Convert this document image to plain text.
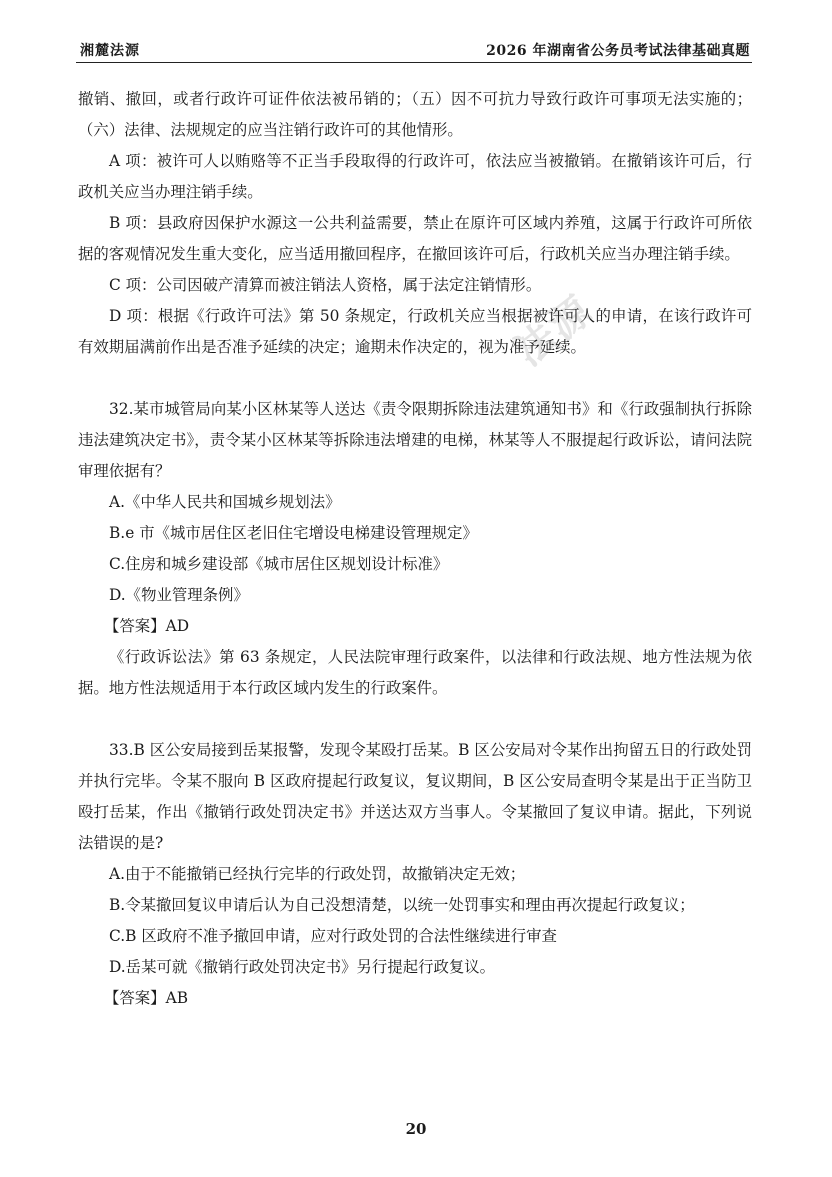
湘麓法源	2026 年湖南省公务员考试法律基础真题
法源

撤销、撤回，或者行政许可证件依法被吊销的；（五）因不可抗力导致行政许可事项无法实施的；（六）法律、法规规定的应当注销行政许可的其他情形。

A 项：被许可人以贿赂等不正当手段取得的行政许可，依法应当被撤销。在撤销该许可后，行政机关应当办理注销手续。

B 项：县政府因保护水源这一公共利益需要，禁止在原许可区域内养殖，这属于行政许可所依据的客观情况发生重大变化，应当适用撤回程序，在撤回该许可后，行政机关应当办理注销手续。

C 项：公司因破产清算而被注销法人资格，属于法定注销情形。

D 项：根据《行政许可法》第 50 条规定，行政机关应当根据被许可人的申请，在该行政许可有效期届满前作出是否准予延续的决定；逾期未作决定的，视为准予延续。

32.某市城管局向某小区林某等人送达《责令限期拆除违法建筑通知书》和《行政强制执行拆除违法建筑决定书》，责令某小区林某等拆除违法增建的电梯，林某等人不服提起行政诉讼，请问法院审理依据有？

A.《中华人民共和国城乡规划法》

B.e 市《城市居住区老旧住宅增设电梯建设管理规定》

C.住房和城乡建设部《城市居住区规划设计标准》

D.《物业管理条例》

【答案】AD

《行政诉讼法》第 63 条规定，人民法院审理行政案件，以法律和行政法规、地方性法规为依据。地方性法规适用于本行政区域内发生的行政案件。

33.B 区公安局接到岳某报警，发现令某殴打岳某。B 区公安局对令某作出拘留五日的行政处罚并执行完毕。令某不服向 B 区政府提起行政复议，复议期间，B 区公安局查明令某是出于正当防卫殴打岳某，作出《撤销行政处罚决定书》并送达双方当事人。令某撤回了复议申请。据此，下列说法错误的是?

A.由于不能撤销已经执行完毕的行政处罚，故撤销决定无效；

B.令某撤回复议申请后认为自己没想清楚，以统一处罚事实和理由再次提起行政复议；

C.B 区政府不准予撤回申请，应对行政处罚的合法性继续进行审查

D.岳某可就《撤销行政处罚决定书》另行提起行政复议。

【答案】AB

20
